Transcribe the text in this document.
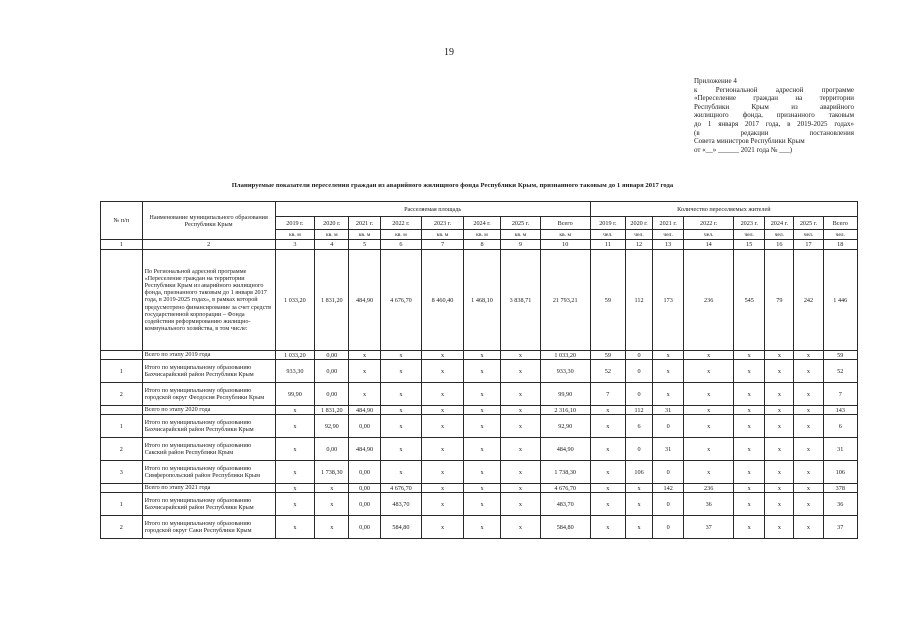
19
Приложение 4
к Региональной адресной программе
«Переселение граждан на территории
Республики Крым из аварийного
жилищного фонда, признанного таковым
до 1 января 2017 года, в 2019-2025 годах»
(в редакции постановления
Совета министров Республики Крым
от «__» ______ 2021 года № ___)
Планируемые показатели переселения граждан из аварийного жилищного фонда Республики Крым, признанного таковым до 1 января 2017 года
№ п/п	Наименование муниципального образования Республики Крым	Расселяемая площадь								Количество переселяемых жителей							
		2019 г.	2020 г.	2021 г.	2022 г.	2023 г.	2024 г.	2025 г.	Всего	2019 г.	2020 г.	2021 г.	2022 г.	2023 г.	2024 г.	2025 г.	Всего
		кв. м	кв. м	кв. м	кв. м	кв. м	кв. м	кв. м	кв. м	чел.	чел.	чел.	чел.	чел.	чел.	чел.	чел.
1	2	3	4	5	6	7	8	9	10	11	12	13	14	15	16	17	18
	По Региональной адресной программе «Переселение граждан на территории Республики Крым из аварийного жилищного фонда, признанного таковым до 1 января 2017 года, в 2019-2025 годах», в рамках которой предусмотрено финансирование за счет средств государственной корпорации – Фонда содействия реформированию жилищно-коммунального хозяйства, в том числе:	1 033,20	1 831,20	484,90	4 676,70	8 460,40	1 468,10	3 838,71	21 793,21	59	112	173	236	545	79	242	1 446
	Всего по этапу 2019 года	1 033,20	0,00	х	х	х	х	х	1 033,20	59	0	х	х	х	х	х	59
1	Итого по муниципальному образованию Бахчисарайский район Республики Крым	933,30	0,00	х	х	х	х	х	933,30	52	0	х	х	х	х	х	52
2	Итого по муниципальному образованию городской округ Феодосия Республики Крым	99,90	0,00	х	х	х	х	х	99,90	7	0	х	х	х	х	х	7
	Всего по этапу 2020 года	х	1 831,20	484,90	х	х	х	х	2 316,10	х	112	31	х	х	х	х	143
1	Итого по муниципальному образованию Бахчисарайский район Республики Крым	х	92,90	0,00	х	х	х	х	92,90	х	6	0	х	х	х	х	6
2	Итого по муниципальному образованию Сакский район Республики Крым	х	0,00	484,90	х	х	х	х	484,90	х	0	31	х	х	х	х	31
3	Итого по муниципальному образованию Симферопольский район Республики Крым	х	1 738,30	0,00	х	х	х	х	1 738,30	х	106	0	х	х	х	х	106
	Всего по этапу 2021 года	х	х	0,00	4 676,70	х	х	х	4 676,70	х	х	142	236	х	х	х	378
1	Итого по муниципальному образованию Бахчисарайский район Республики Крым	х	х	0,00	483,70	х	х	х	483,70	х	х	0	36	х	х	х	36
2	Итого по муниципальному образованию городской округ Саки Республики Крым	х	х	0,00	584,80	х	х	х	584,80	х	х	0	37	х	х	х	37
